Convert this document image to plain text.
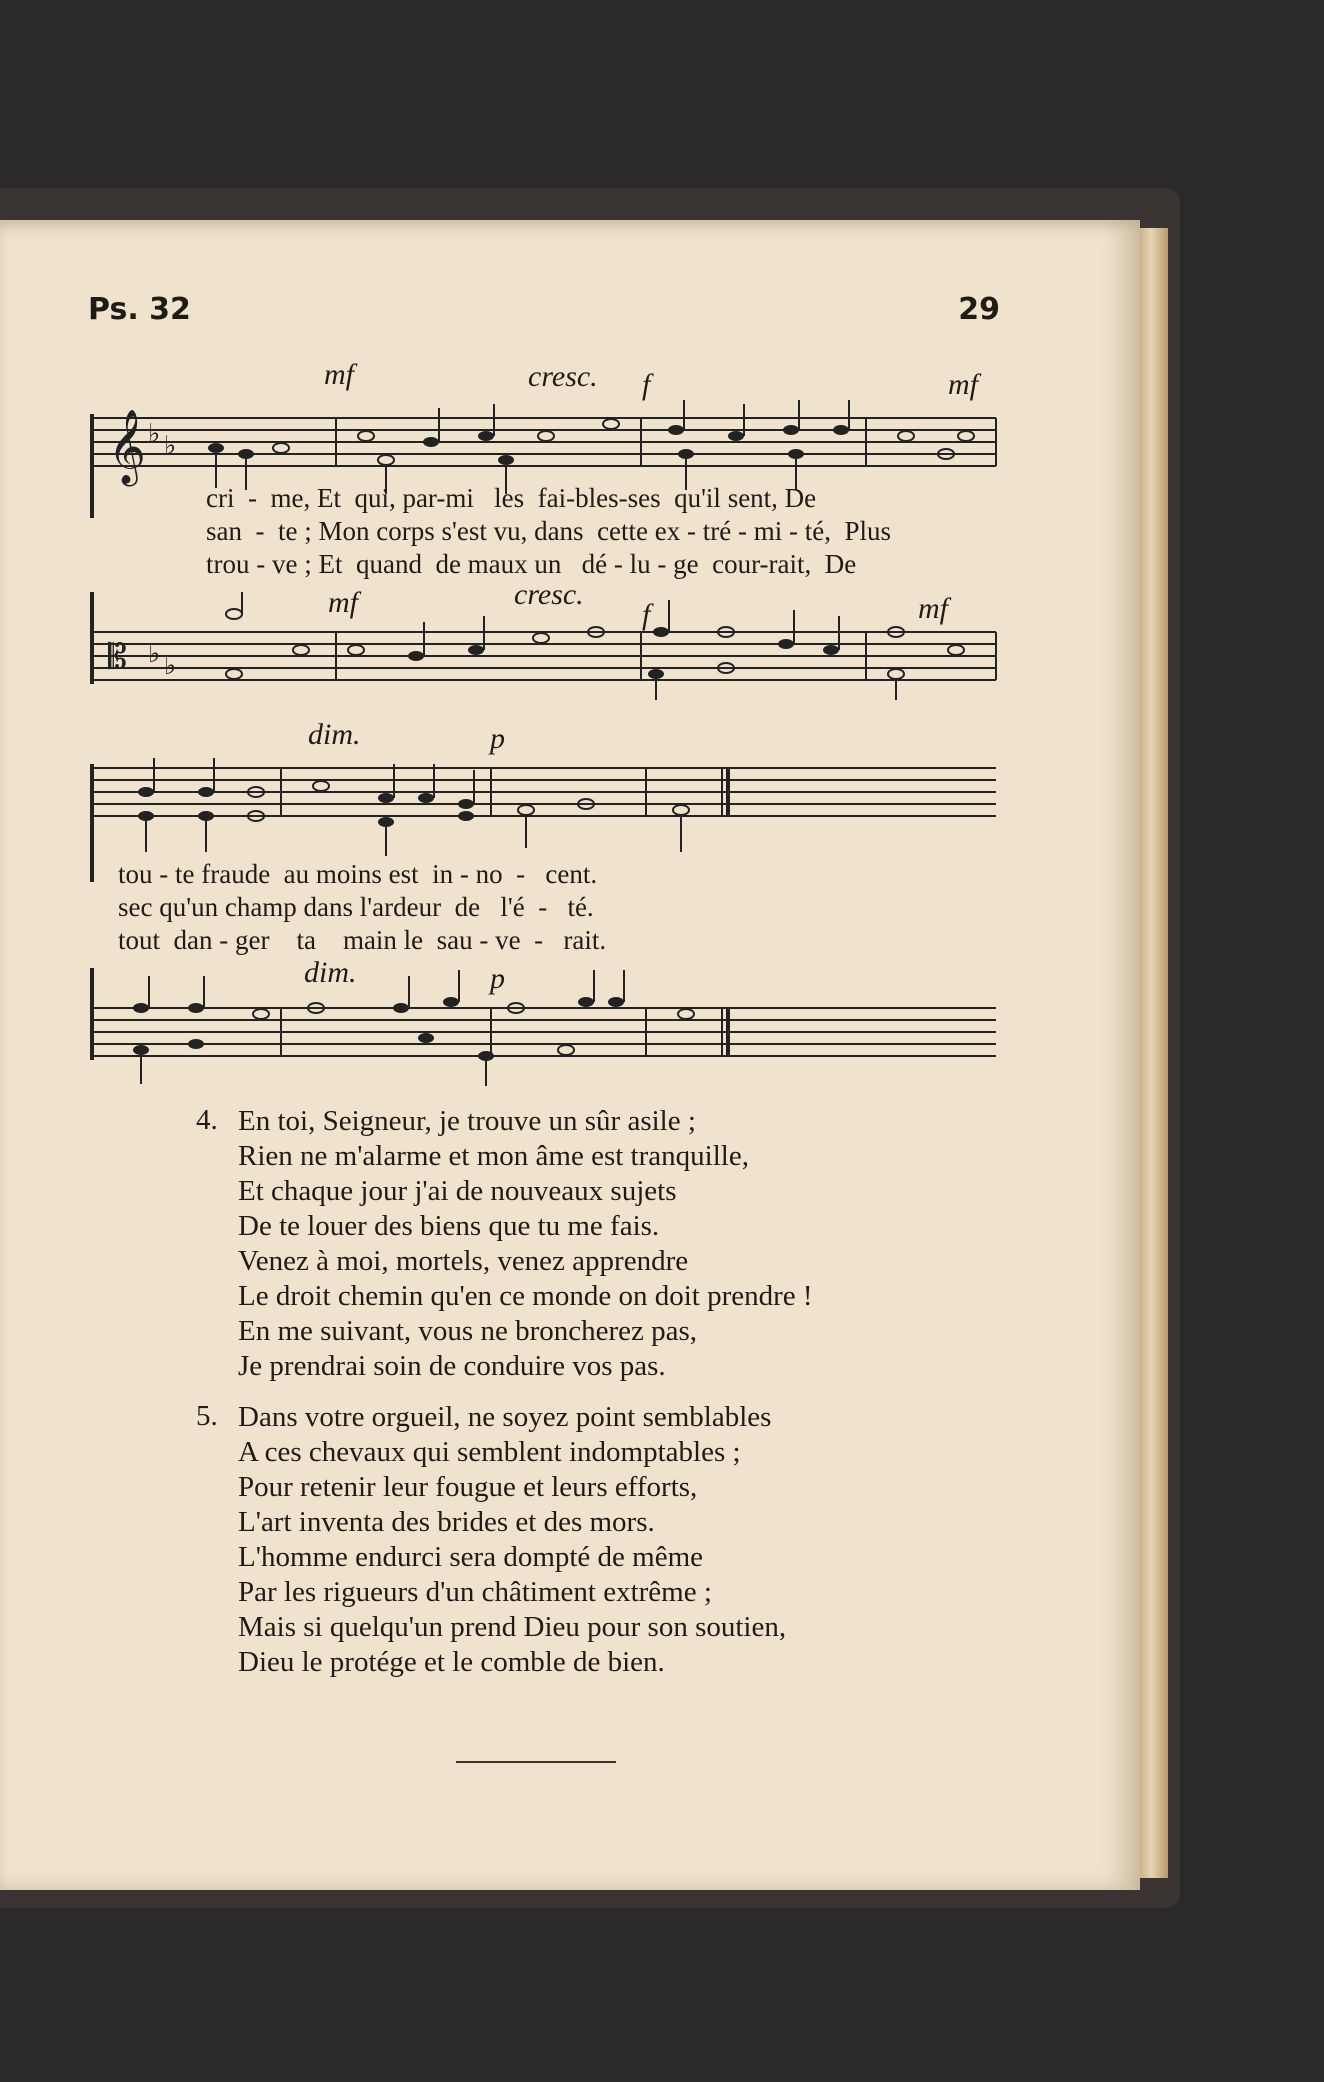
Ps. 32	29
𝄞 ♭ ♭
mf	cresc. f	mf
cri  -  me, Et  qui, par-mi   les  fai-bles-ses  qu'il sent, De
san  -  te ; Mon corps s'est vu, dans  cette ex - tré - mi - té,  Plus
trou - ve ; Et  quand  de maux un   dé - lu - ge  cour-rait,  De
mf	cresc.
f	mf
𝄡 ♭ ♭
dim.	p
tou - te fraude  au moins est  in - no  -   cent.
sec qu'un champ dans l'ardeur  de   l'é  -   té.
tout  dan - ger    ta    main le  sau - ve  -   rait.
dim.	p
4. En toi, Seigneur, je trouve un sûr asile ;
Rien ne m'alarme et mon âme est tranquille,
Et chaque jour j'ai de nouveaux sujets
De te louer des biens que tu me fais.
Venez à moi, mortels, venez apprendre
Le droit chemin qu'en ce monde on doit prendre !
En me suivant, vous ne broncherez pas,
Je prendrai soin de conduire vos pas.
5. Dans votre orgueil, ne soyez point semblables
A ces chevaux qui semblent indomptables ;
Pour retenir leur fougue et leurs efforts,
L'art inventa des brides et des mors.
L'homme endurci sera dompté de même
Par les rigueurs d'un châtiment extrême ;
Mais si quelqu'un prend Dieu pour son soutien,
Dieu le protége et le comble de bien.
